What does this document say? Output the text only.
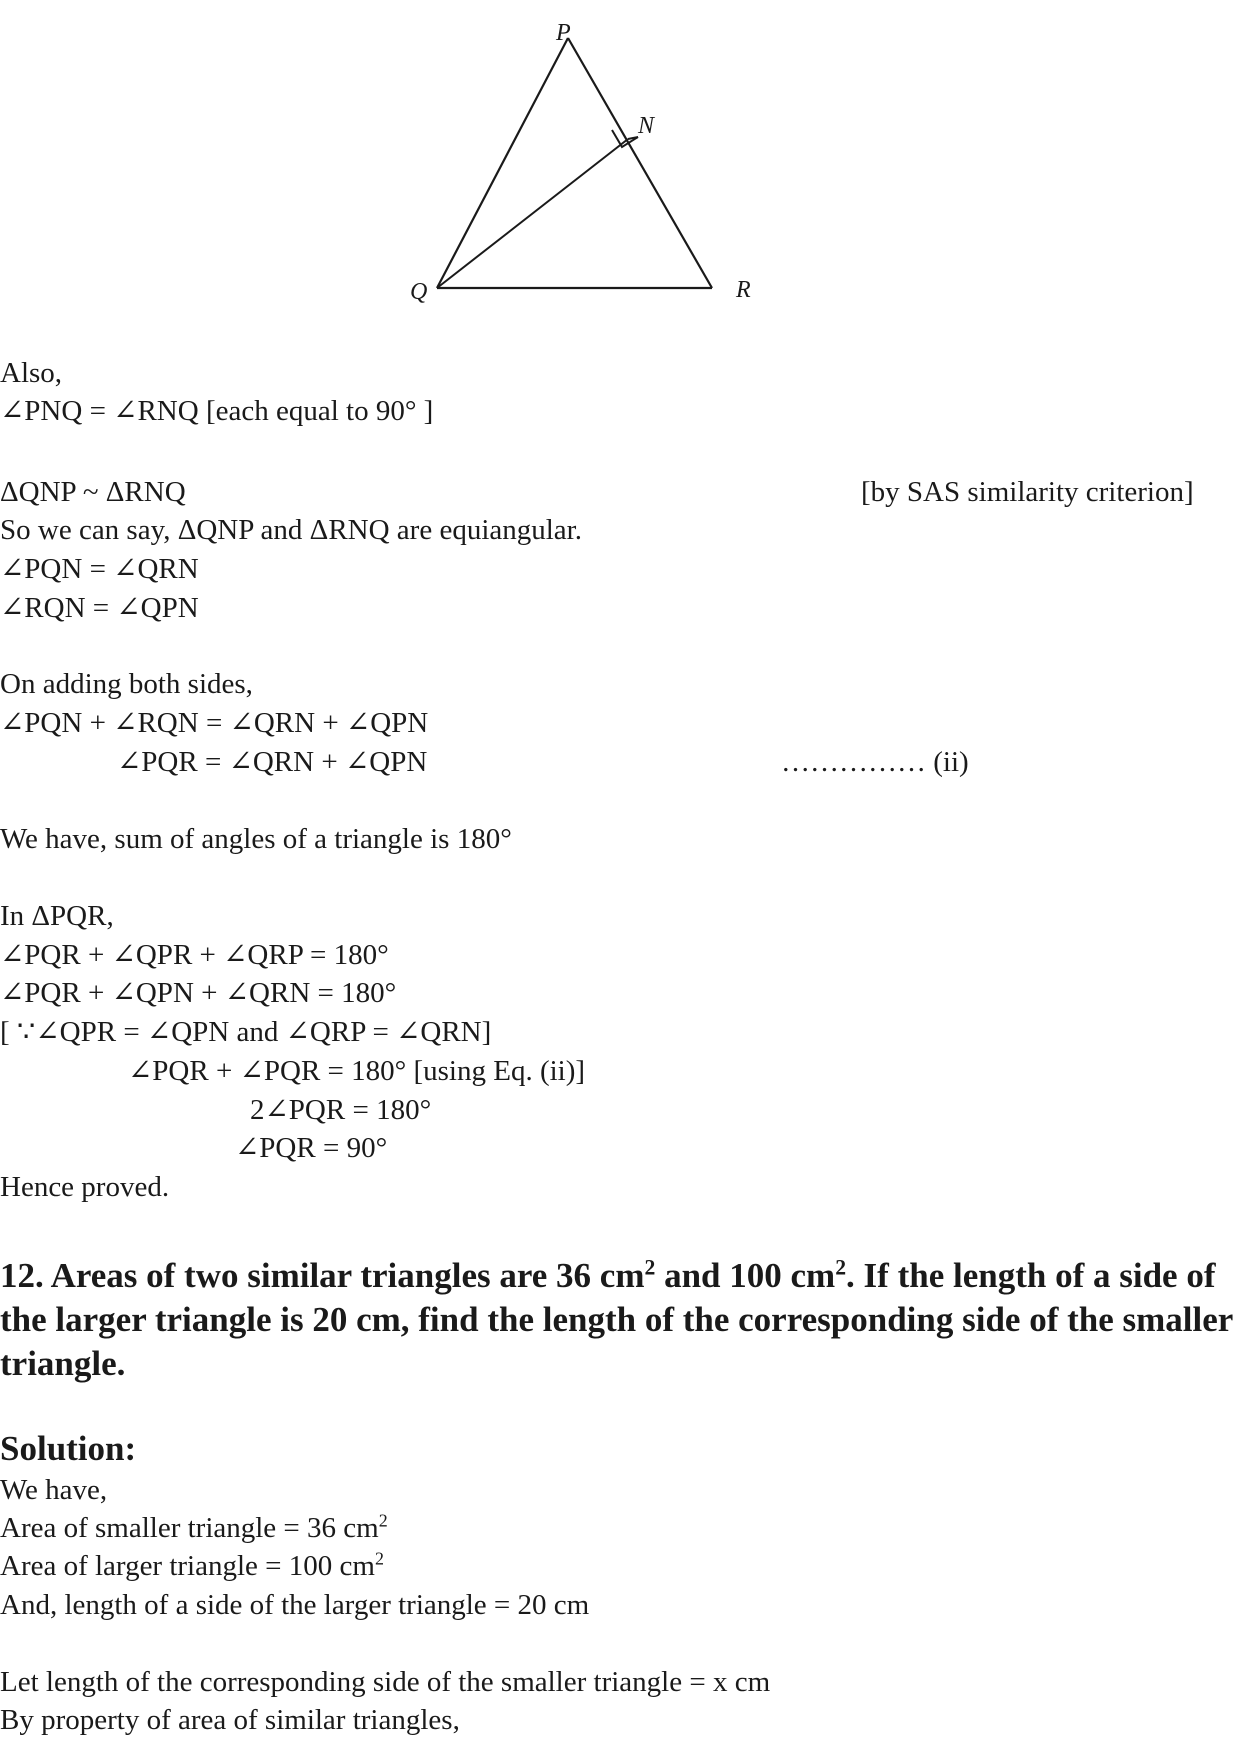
P
N
Q	R

Also,

∠PNQ = ∠RNQ [each equal to 90° ]

ΔQNP ~ ΔRNQ	[by SAS similarity criterion]

So we can say, ΔQNP and ΔRNQ are equiangular.

∠PQN = ∠QRN

∠RQN = ∠QPN

On adding both sides,

∠PQN + ∠RQN = ∠QRN + ∠QPN

∠PQR = ∠QRN + ∠QPN	…………… (ii)

We have, sum of angles of a triangle is 180°

In ΔPQR,

∠PQR + ∠QPR + ∠QRP = 180°

∠PQR + ∠QPN + ∠QRN = 180°

[ ∵∠QPR = ∠QPN and ∠QRP = ∠QRN]

∠PQR + ∠PQR = 180° [using Eq. (ii)]

2∠PQR = 180°

∠PQR = 90°

Hence proved.

12. Areas of two similar triangles are 36 $cm^2$ and 100 $cm^2$. If the length of a side of the larger triangle is 20 cm, find the length of the corresponding side of the smaller triangle.

Solution:

We have,

Area of smaller triangle = 36 $cm^2$

Area of larger triangle = 100 $cm^2$

And, length of a side of the larger triangle = 20 cm

Let length of the corresponding side of the smaller triangle = x cm

By property of area of similar triangles,
